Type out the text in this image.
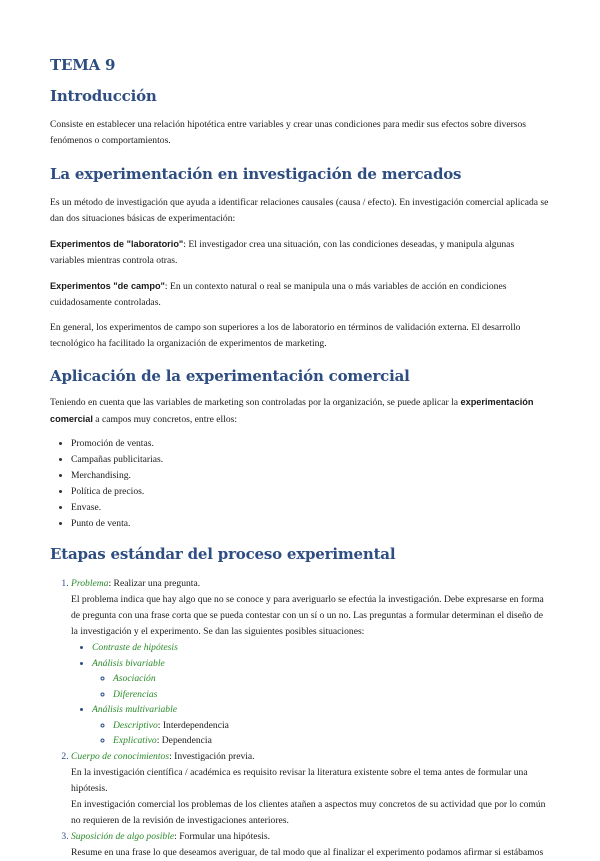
TEMA 9
Introducción

Consiste en establecer una relación hipotética entre variables y crear unas condiciones para medir sus efectos sobre diversos fenómenos o comportamientos.

La experimentación en investigación de mercados

Es un método de investigación que ayuda a identificar relaciones causales (causa / efecto). En investigación comercial aplicada se dan dos situaciones básicas de experimentación:

Experimentos de "laboratorio": El investigador crea una situación, con las condiciones deseadas, y manipula algunas variables mientras controla otras.

Experimentos "de campo": En un contexto natural o real se manipula una o más variables de acción en condiciones cuidadosamente controladas.

En general, los experimentos de campo son superiores a los de laboratorio en términos de validación externa. El desarrollo tecnológico ha facilitado la organización de experimentos de marketing.

Aplicación de la experimentación comercial

Teniendo en cuenta que las variables de marketing son controladas por la organización, se puede aplicar la experimentación comercial a campos muy concretos, entre ellos:

• Promoción de ventas.
• Campañas publicitarias.
• Merchandising.
• Política de precios.
• Envase.
• Punto de venta.
Etapas estándar del proceso experimental
1. Problema: Realizar una pregunta.
El problema indica que hay algo que no se conoce y para averiguarlo se efectúa la investigación. Debe expresarse en forma de pregunta con una frase corta que se pueda contestar con un sí o un no. Las preguntas a formular determinan el diseño de la investigación y el experimento. Se dan las siguientes posibles situaciones:
• Contraste de hipótesis
• Análisis bivariable
◦ Asociación
◦ Diferencias
• Análisis multivariable
◦ Descriptivo: Interdependencia
◦ Explicativo: Dependencia
2. Cuerpo de conocimientos: Investigación previa.
En la investigación científica / académica es requisito revisar la literatura existente sobre el tema antes de formular una hipótesis.
En investigación comercial los problemas de los clientes atañen a aspectos muy concretos de su actividad que por lo común no requieren de la revisión de investigaciones anteriores.
3. Suposición de algo posible: Formular una hipótesis.
Resume en una frase lo que deseamos averiguar, de tal modo que al finalizar el experimento podamos afirmar si estábamos
